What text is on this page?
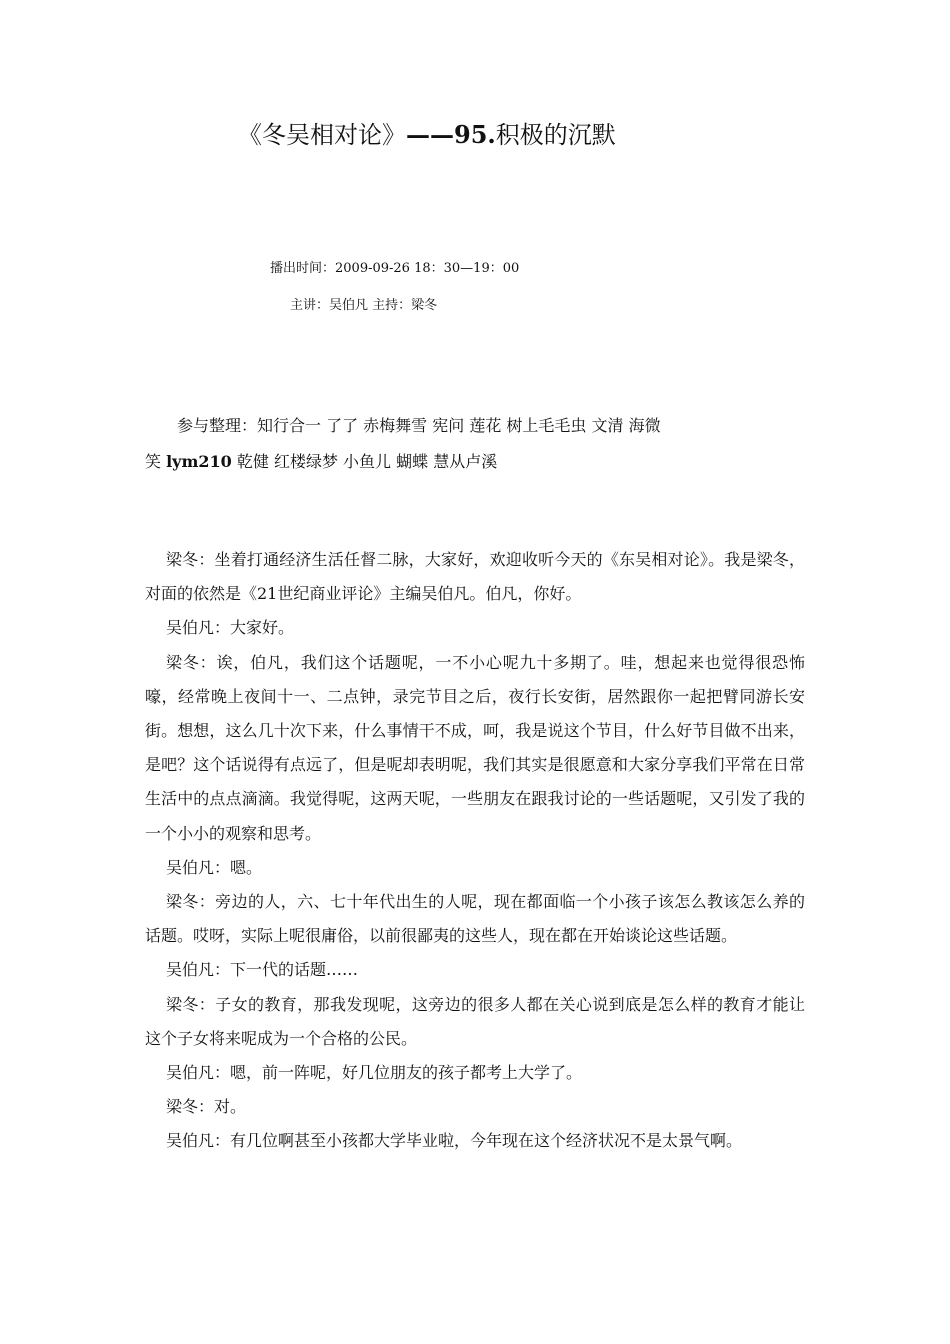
《冬吴相对论》——95.积极的沉默
播出时间：2009-09-26 18：30—19：00
主讲：吴伯凡 主持：梁冬
参与整理：知行合一 了了 赤梅舞雪 宪问 莲花 树上毛毛虫 文清 海微
笑 lym210 乾健 红楼绿梦 小鱼儿 蝴蝶 慧从卢溪

梁冬：坐着打通经济生活任督二脉，大家好，欢迎收听今天的《东吴相对论》。我是梁冬，对面的依然是《21世纪商业评论》主编吴伯凡。伯凡，你好。

吴伯凡：大家好。

梁冬：诶，伯凡，我们这个话题呢，一不小心呢九十多期了。哇，想起来也觉得很恐怖嚎，经常晚上夜间十一、二点钟，录完节目之后，夜行长安街，居然跟你一起把臂同游长安街。想想，这么几十次下来，什么事情干不成，呵，我是说这个节目，什么好节目做不出来，是吧？这个话说得有点远了，但是呢却表明呢，我们其实是很愿意和大家分享我们平常在日常生活中的点点滴滴。我觉得呢，这两天呢，一些朋友在跟我讨论的一些话题呢，又引发了我的一个小小的观察和思考。

吴伯凡：嗯。

梁冬：旁边的人，六、七十年代出生的人呢，现在都面临一个小孩子该怎么教该怎么养的话题。哎呀，实际上呢很庸俗，以前很鄙夷的这些人，现在都在开始谈论这些话题。

吴伯凡：下一代的话题……

梁冬：子女的教育，那我发现呢，这旁边的很多人都在关心说到底是怎么样的教育才能让这个子女将来呢成为一个合格的公民。

吴伯凡：嗯，前一阵呢，好几位朋友的孩子都考上大学了。

梁冬：对。

吴伯凡：有几位啊甚至小孩都大学毕业啦，今年现在这个经济状况不是太景气啊。
